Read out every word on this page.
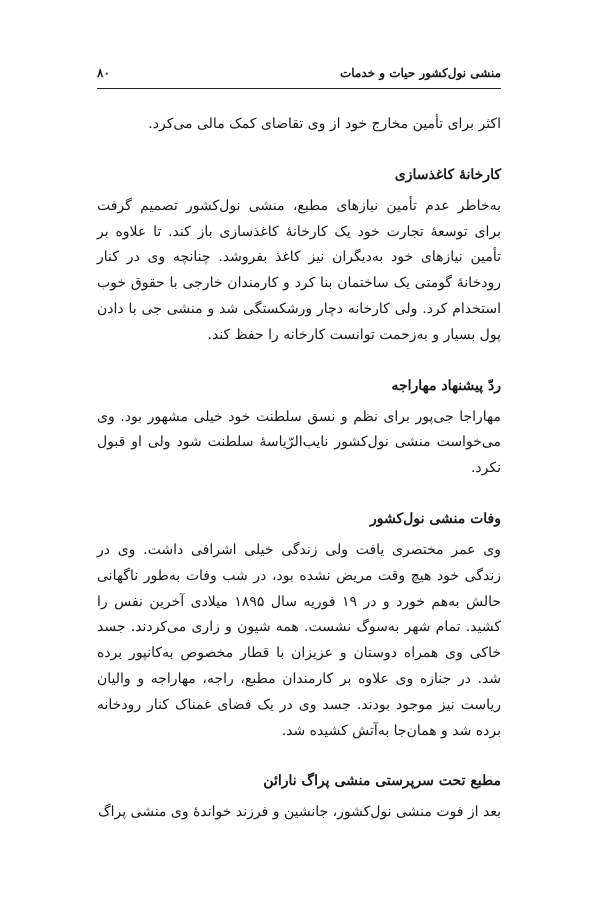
منشی نول‌کشور حیات و خدمات
۸۰

اکثر برای تأمین مخارج خود از وی تقاضای کمک مالی می‌کرد.

کارخانهٔ کاغذسازی

به‌خاطر عدم تأمین نیازهای مطبع، منشی نول‌کشور تصمیم گرفت برای توسعهٔ تجارت خود یک کارخانهٔ کاغذسازی باز کند. تا علاوه بر تأمین نیازهای خود به‌دیگران نیز کاغذ بفروشد. چنانچه وی در کنار رودخانهٔ گومتی یک ساختمان بنا کرد و کارمندان خارجی با حقوق خوب استخدام کرد. ولی کارخانه دچار ورشکستگی شد و منشی جی با دادن پول بسیار و به‌زحمت توانست کارخانه را حفظ کند.

ردّ پیشنهاد مهاراجه

مهاراجا جی‌پور برای نظم و نسق سلطنت خود خیلی مشهور بود. وی می‌خواست منشی نول‌کشور نایب‌الرّیاسهٔ سلطنت شود ولی او قبول نکرد.

وفات منشی نول‌کشور

وی عمر مختصری یافت ولی زندگی خیلی اشرافی داشت. وی در زندگی خود هیچ وقت مریض نشده بود، در شب وفات به‌طور ناگهانی حالش به‌هم خورد و در ۱۹ فوریه سال ۱۸۹۵ میلادی آخرین نفس را کشید. تمام شهر به‌سوگ نشست. همه شیون و زاری می‌کردند. جسد خاکی وی همراه دوستان و عزیزان با قطار مخصوص به‌کانپور برده شد. در جنازه وی علاوه بر کارمندان مطبع، راجه، مهاراجه و والیان ریاست نیز موجود بودند. جسد وی در یک فضای غمناک کنار رودخانه برده شد و همان‌جا به‌آتش کشیده شد.

مطبع تحت سرپرستی منشی پراگ نارائن

بعد از فوت منشی نول‌کشور، جانشین و فرزند خواندهٔ وی منشی پراگ
